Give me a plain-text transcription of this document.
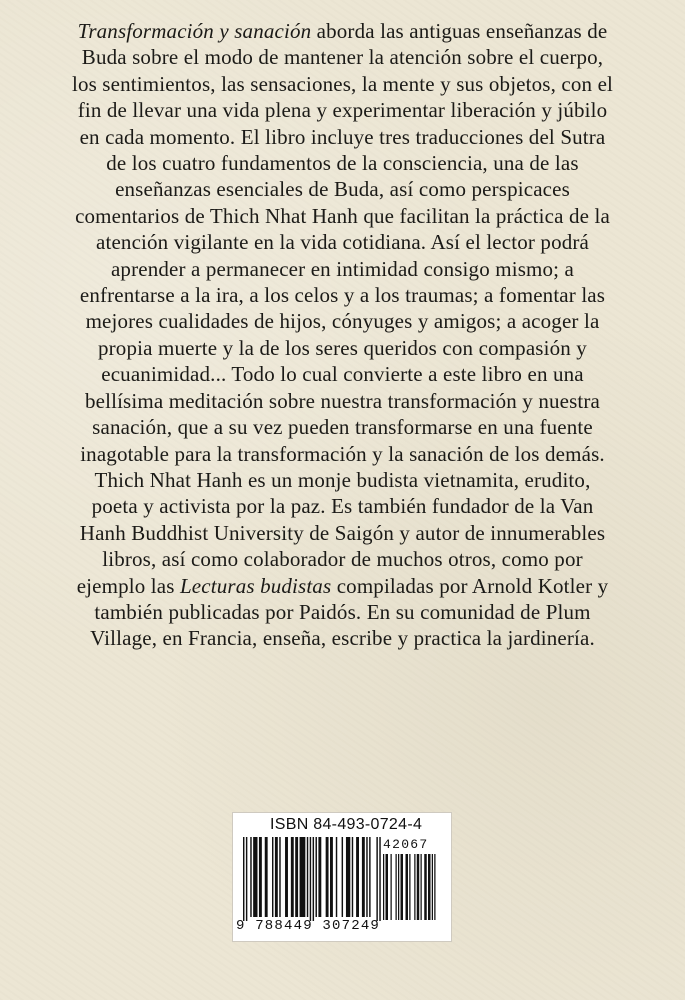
Transformación y sanación aborda las antiguas enseñanzas de Buda sobre el modo de mantener la atención sobre el cuerpo, los sentimientos, las sensaciones, la mente y sus objetos, con el fin de llevar una vida plena y experimentar liberación y júbilo en cada momento. El libro incluye tres traducciones del Sutra de los cuatro fundamentos de la consciencia, una de las enseñanzas esenciales de Buda, así como perspicaces comentarios de Thich Nhat Hanh que facilitan la práctica de la atención vigilante en la vida cotidiana. Así el lector podrá aprender a permanecer en intimidad consigo mismo; a enfrentarse a la ira, a los celos y a los traumas; a fomentar las mejores cualidades de hijos, cónyuges y amigos; a acoger la propia muerte y la de los seres queridos con compasión y ecuanimidad... Todo lo cual convierte a este libro en una bellísima meditación sobre nuestra transformación y nuestra sanación, que a su vez pueden transformarse en una fuente inagotable para la transformación y la sanación de los demás.

Thich Nhat Hanh es un monje budista vietnamita, erudito, poeta y activista por la paz. Es también fundador de la Van Hanh Buddhist University de Saigón y autor de innumerables libros, así como colaborador de muchos otros, como por ejemplo las Lecturas budistas compiladas por Arnold Kotler y también publicadas por Paidós. En su comunidad de Plum Village, en Francia, enseña, escribe y practica la jardinería.

ISBN 84-493-0724-4
9 788449 307249
42067
